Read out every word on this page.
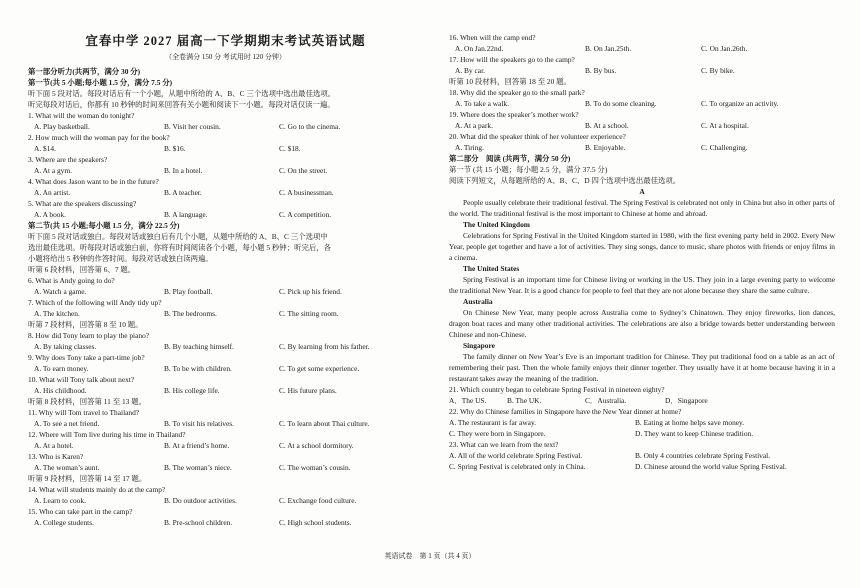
宜春中学 2027 届高一下学期期末考试英语试题
（全卷满分 150 分 考试用时 120 分钟）
第一部分听力(共两节，满分 30 分)
第一节(共 5 小题;每小题 1.5 分，满分 7.5 分)
听下面 5 段对话。每段对话后有一个小题，从题中所给的 A、B、C 三个选项中选出最佳选项。
听完每段对话后，你都有 10 秒钟的时间来回答有关小题和阅读下一小题。每段对话仅读一遍。
1. What will the woman do tonight?
A. Play basketball.	B. Visit her cousin.	C. Go to the cinema.
2. How much will the woman pay for the book?
A. $14.	B. $16.	C. $18.
3. Where are the speakers?
A. At a gym.	B. In a hotel.	C. On the street.
4. What does Jason want to be in the future?
A. An artist.	B. A teacher.	C. A businessman.
5. What are the speakers discussing?
A. A book.	B. A language.	C. A competition.
第二节(共 15 小题;每小题 1.5 分，满分 22.5 分)
听下面 5 段对话或独白。每段对话或独白后有几个小题，从题中所给的 A、B、C 三个选项中
选出最佳选项。听每段对话或独白前，你将有时间阅读各个小题，每小题 5 秒钟；听完后，各
小题将给出 5 秒钟的作答时间。每段对话或独白读两遍。
听第 6 段材料，回答第 6、7 题。
6. What is Andy going to do?
A. Watch a game.	B. Play football.	C. Pick up his friend.
7. Which of the following will Andy tidy up?
A. The kitchen.	B. The bedrooms.	C. The sitting room.
听第 7 段材料，回答第 8 至 10 题。
8. How did Tony learn to play the piano?
A. By taking classes.	B. By teaching himself.	C. By learning from his father.
9. Why does Tony take a part-time job?
A. To earn money.	B. To be with children.	C. To get some experience.
10. What will Tony talk about next?
A. His childhood.	B. His college life.	C. His future plans.
听第 8 段材料，回答第 11 至 13 题。
11. Why will Tom travel to Thailand?
A. To see a net friend.	B. To visit his relatives.	C. To learn about Thai culture.
12. Where will Tom live during his time in Thailand?
A. At a hotel.	B. At a friend’s home.	C. At a school dormitory.
13. Who is Karen?
A. The woman’s aunt.	B. The woman’s niece.	C. The woman’s cousin.
听第 9 段材料，回答第 14 至 17 题。
14. What will students mainly do at the camp?
A. Learn to cook.	B. Do outdoor activities.	C. Exchange food culture.
15. Who can take part in the camp?
A. College students.	B. Pre-school children.	C. High school students.
16. When will the camp end?
A. On Jan.22nd.	B. On Jan.25th.	C. On Jan.26th.
17. How will the speakers go to the camp?
A. By car.	B. By bus.	C. By bike.
听第 10 段材料，回答第 18 至 20 题。
18. Why did the speaker go to the small park?
A. To take a walk.	B. To do some cleaning.	C. To organize an activity.
19. Where does the speaker’s mother work?
A. At a park.	B. At a school.	C. At a hospital.
20. What did the speaker think of her volunteer experience?
A. Tiring.	B. Enjoyable.	C. Challenging.
第二部分　阅读 (共两节，满分 50 分)
第一节 (共 15 小题；每小题 2.5 分，满分 37.5 分)
阅读下列短文，从每题所给的 A、B、C、D 四个选项中选出最佳选项。
A
People usually celebrate their traditional festival. The Spring Festival is celebrated not only in China but also in other parts of the world. The traditional festival is the most important to Chinese at home and abroad.
The United Kingdom
Celebrations for Spring Festival in the United Kingdom started in 1980, with the first evening party held in 2002. Every New Year, people get together and have a lot of activities. They sing songs, dance to music, share photos with friends or enjoy films in a cinema.
The United States
Spring Festival is an important time for Chinese living or working in the US. They join in a large evening party to welcome the traditional New Year. It is a good chance for people to feel that they are not alone because they share the same culture.
Australia
On Chinese New Year, many people across Australia come to Sydney’s Chinatown. They enjoy fireworks, lion dances, dragon boat races and many other traditional activities. The celebrations are also a bridge towards better understanding between Chinese and non-Chinese.
Singapore
The family dinner on New Year’s Eve is an important tradition for Chinese. They put traditional food on a table as an act of remembering their past. Then the whole family enjoys their dinner together. They usually have it at home because having it in a restaurant takes away the meaning of the tradition.
21. Which country began to celebrate Spring Festival in nineteen eighty?
A．The US.	B. The UK.	C．Australia.	D．Singapore
22. Why do Chinese families in Singapore have the New Year dinner at home?
A. The restaurant is far away.	B. Eating at home helps save money.
C. They were born in Singapore.	D. They want to keep Chinese tradition.
23. What can we learn from the text?
A. All of the world celebrate Spring Festival.	B. Only 4 countries celebrate Spring Festival.
C. Spring Festival is celebrated only in China.	D. Chinese around the world value Spring Festival.
英语试卷　第 1 页（共 4 页）
